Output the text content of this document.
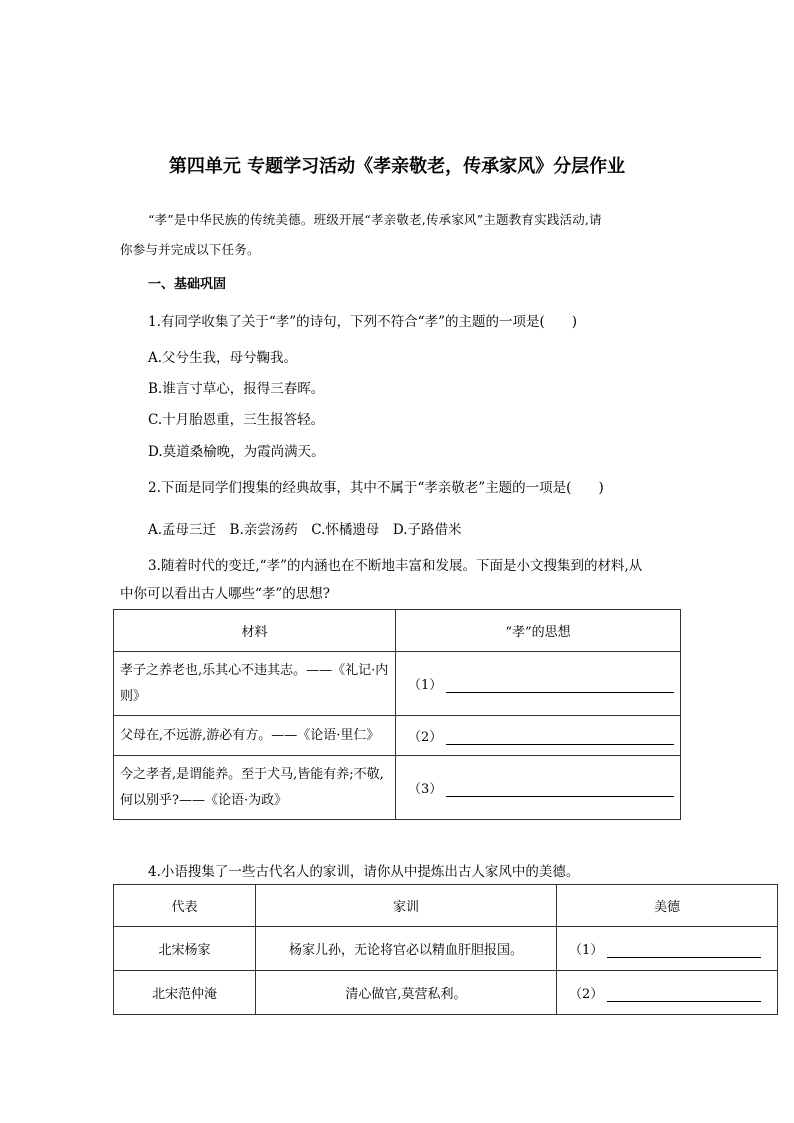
第四单元 专题学习活动《孝亲敬老，传承家风》分层作业
“孝”是中华民族的传统美德。班级开展“孝亲敬老,传承家风”主题教育实践活动,请
你参与并完成以下任务。
一、基础巩固
1.有同学收集了关于“孝”的诗句，下列不符合“孝”的主题的一项是(　　)
A.父兮生我，母兮鞠我。
B.谁言寸草心，报得三春晖。
C.十月胎恩重，三生报答轻。
D.莫道桑榆晚，为霞尚满天。
2.下面是同学们搜集的经典故事，其中不属于“孝亲敬老”主题的一项是(　　)
A.孟母三迁　B.亲尝汤药　C.怀橘遗母　D.子路借米
3.随着时代的变迁,“孝”的内涵也在不断地丰富和发展。下面是小文搜集到的材料,从
中你可以看出古人哪些“孝”的思想?
材料	“孝”的思想
孝子之养老也,乐其心不违其志。——《礼记·内则》	（1）
父母在,不远游,游必有方。——《论语·里仁》	（2）
今之孝者,是谓能养。至于犬马,皆能有养;不敬,何以别乎?——《论语·为政》	（3）
4.小语搜集了一些古代名人的家训，请你从中提炼出古人家风中的美德。
代表	家训	美德
北宋杨家	杨家儿孙，无论将官必以精血肝胆报国。	（1）
北宋范仲淹	清心做官,莫营私利。	（2）
